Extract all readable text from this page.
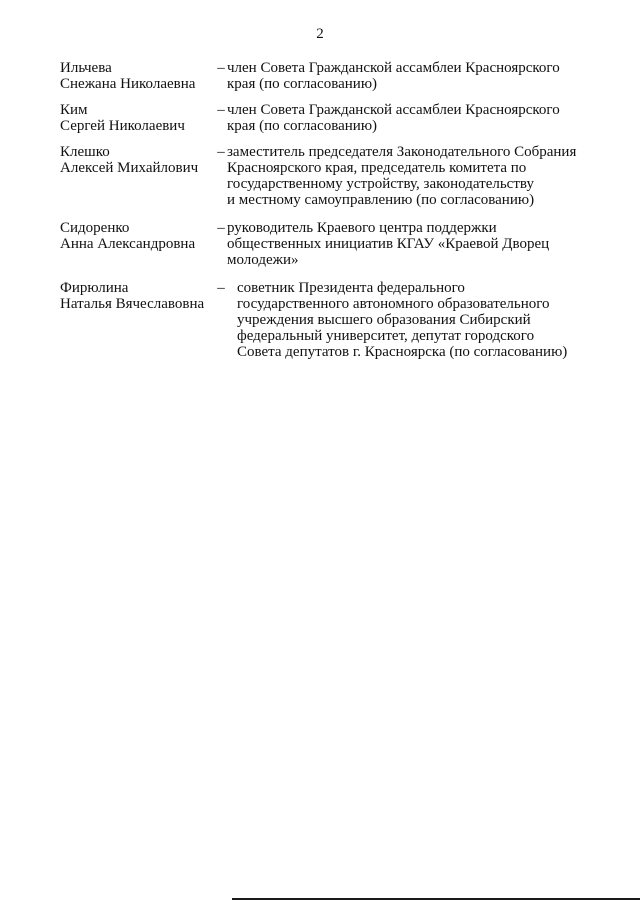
2
Ильчева
Снежана Николаевна
– член Совета Гражданской ассамблеи Красноярского
края (по согласованию)
Ким
Сергей Николаевич
– член Совета Гражданской ассамблеи Красноярского
края (по согласованию)
Клешко
Алексей Михайлович
– заместитель председателя Законодательного Собрания
Красноярского края, председатель комитета по
государственному устройству, законодательству
и местному самоуправлению (по согласованию)
Сидоренко
Анна Александровна
– руководитель Краевого центра поддержки
общественных инициатив КГАУ «Краевой Дворец
молодежи»
Фирюлина
Наталья Вячеславовна
– советник Президента федерального
государственного автономного образовательного
учреждения высшего образования Сибирский
федеральный университет, депутат городского
Совета депутатов г. Красноярска (по согласованию)
